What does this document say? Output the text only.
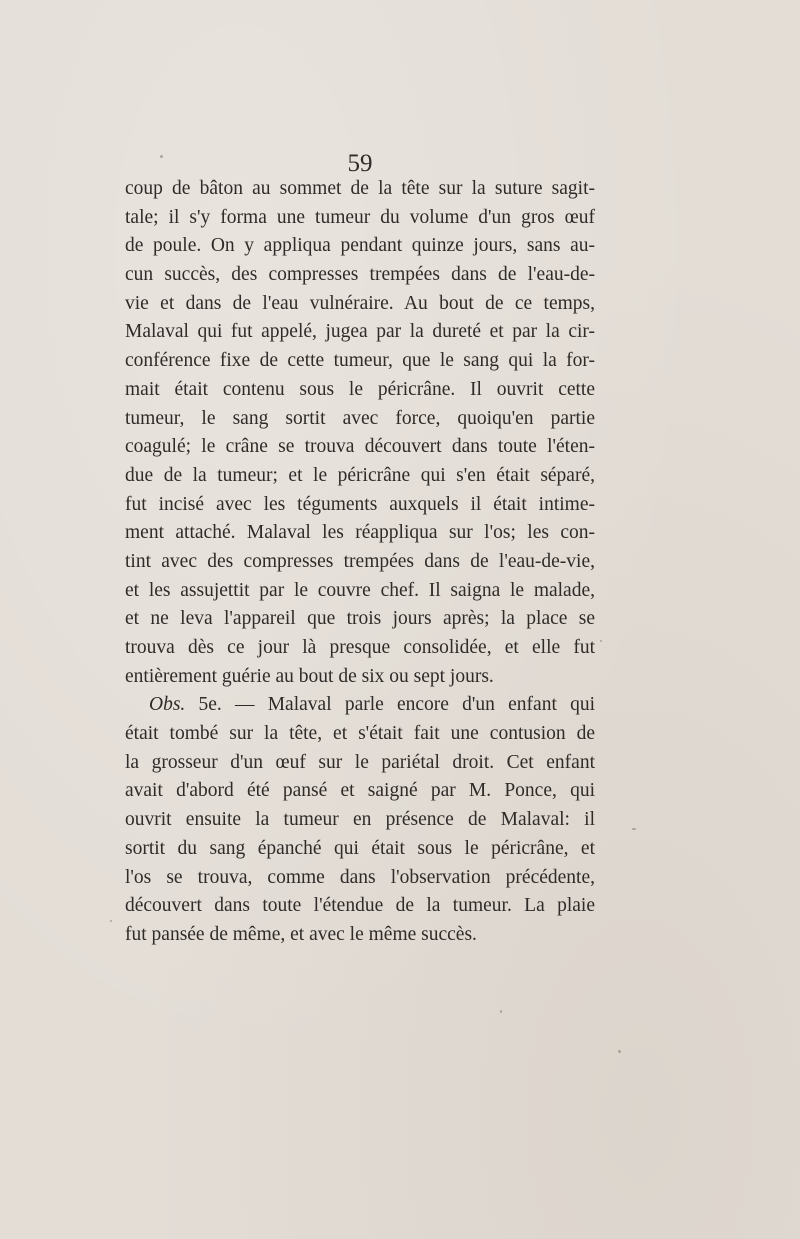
59
coup de bâton au sommet de la tête sur la suture sagit-
tale; il s'y forma une tumeur du volume d'un gros œuf
de poule. On y appliqua pendant quinze jours, sans au-
cun succès, des compresses trempées dans de l'eau-de-
vie et dans de l'eau vulnéraire. Au bout de ce temps,
Malaval qui fut appelé, jugea par la dureté et par la cir-
conférence fixe de cette tumeur, que le sang qui la for-
mait était contenu sous le péricrâne. Il ouvrit cette
tumeur, le sang sortit avec force, quoiqu'en partie
coagulé; le crâne se trouva découvert dans toute l'éten-
due de la tumeur; et le péricrâne qui s'en était séparé,
fut incisé avec les téguments auxquels il était intime-
ment attaché. Malaval les réappliqua sur l'os; les con-
tint avec des compresses trempées dans de l'eau-de-vie,
et les assujettit par le couvre chef. Il saigna le malade,
et ne leva l'appareil que trois jours après; la place se
trouva dès ce jour là presque consolidée, et elle fut
entièrement guérie au bout de six ou sept jours.
Obs. 5e. — Malaval parle encore d'un enfant qui
était tombé sur la tête, et s'était fait une contusion de
la grosseur d'un œuf sur le pariétal droit. Cet enfant
avait d'abord été pansé et saigné par M. Ponce, qui
ouvrit ensuite la tumeur en présence de Malaval: il
sortit du sang épanché qui était sous le péricrâne, et
l'os se trouva, comme dans l'observation précédente,
découvert dans toute l'étendue de la tumeur. La plaie
fut pansée de même, et avec le même succès.
